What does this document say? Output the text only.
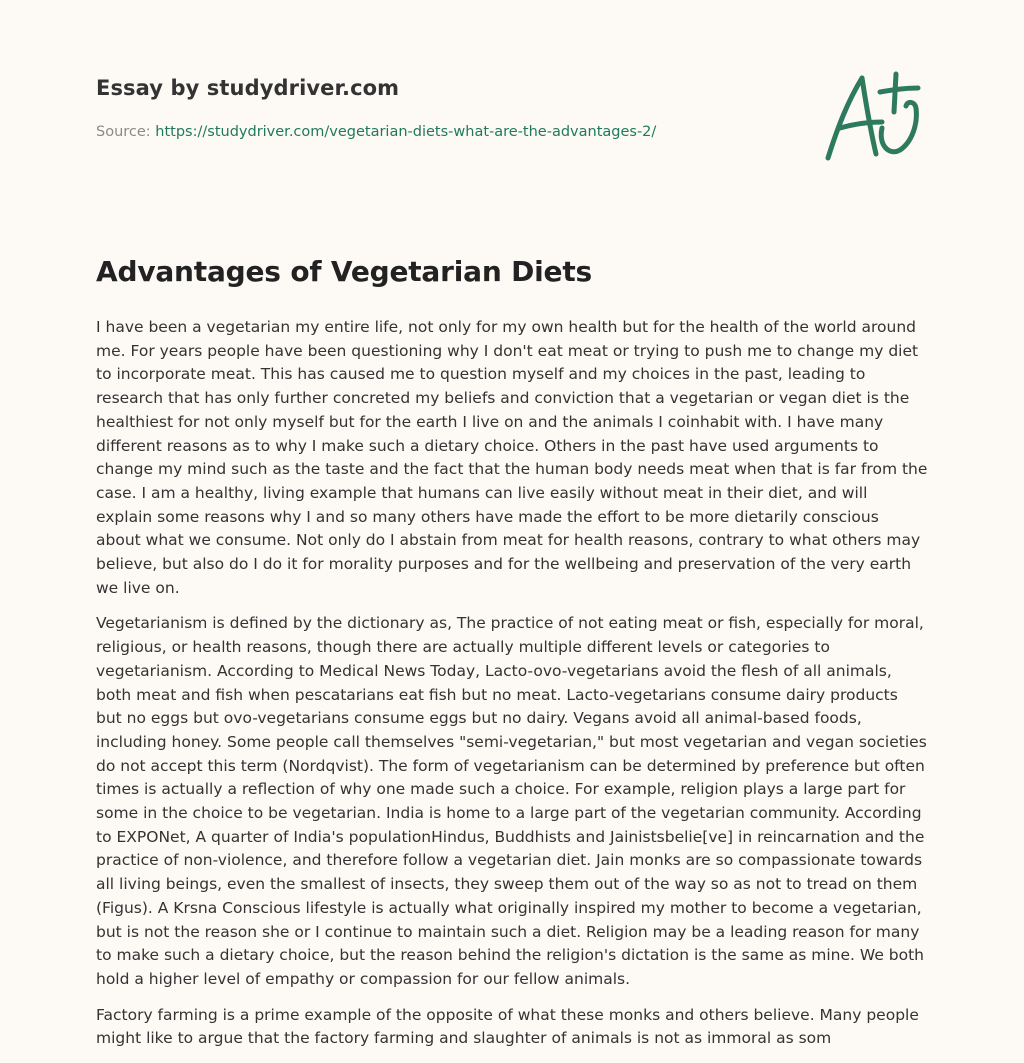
Essay by studydriver.com
Source: https://studydriver.com/vegetarian-diets-what-are-the-advantages-2/
Advantages of Vegetarian Diets

I have been a vegetarian my entire life, not only for my own health but for the health of the world around me. For years people have been questioning why I don't eat meat or trying to push me to change my diet to incorporate meat. This has caused me to question myself and my choices in the past, leading to research that has only further concreted my beliefs and conviction that a vegetarian or vegan diet is the healthiest for not only myself but for the earth I live on and the animals I coinhabit with. I have many different reasons as to why I make such a dietary choice. Others in the past have used arguments to change my mind such as the taste and the fact that the human body needs meat when that is far from the case. I am a healthy, living example that humans can live easily without meat in their diet, and will explain some reasons why I and so many others have made the effort to be more dietarily conscious about what we consume. Not only do I abstain from meat for health reasons, contrary to what others may believe, but also do I do it for morality purposes and for the wellbeing and preservation of the very earth we live on.

Vegetarianism is defined by the dictionary as, The practice of not eating meat or fish, especially for moral, religious, or health reasons, though there are actually multiple different levels or categories to vegetarianism. According to Medical News Today, Lacto-ovo-vegetarians avoid the flesh of all animals, both meat and fish when pescatarians eat fish but no meat. Lacto-vegetarians consume dairy products but no eggs but ovo-vegetarians consume eggs but no dairy. Vegans avoid all animal-based foods, including honey. Some people call themselves "semi-vegetarian," but most vegetarian and vegan societies do not accept this term (Nordqvist). The form of vegetarianism can be determined by preference but often times is actually a reflection of why one made such a choice. For example, religion plays a large part for some in the choice to be vegetarian. India is home to a large part of the vegetarian community. According to EXPONet, A quarter of India's populationHindus, Buddhists and Jainistsbelie[ve] in reincarnation and the practice of non-violence, and therefore follow a vegetarian diet. Jain monks are so compassionate towards all living beings, even the smallest of insects, they sweep them out of the way so as not to tread on them (Figus). A Krsna Conscious lifestyle is actually what originally inspired my mother to become a vegetarian, but is not the reason she or I continue to maintain such a diet. Religion may be a leading reason for many to make such a dietary choice, but the reason behind the religion's dictation is the same as mine. We both hold a higher level of empathy or compassion for our fellow animals.

Factory farming is a prime example of the opposite of what these monks and others believe. Many people might like to argue that the factory farming and slaughter of animals is not as immoral as som
